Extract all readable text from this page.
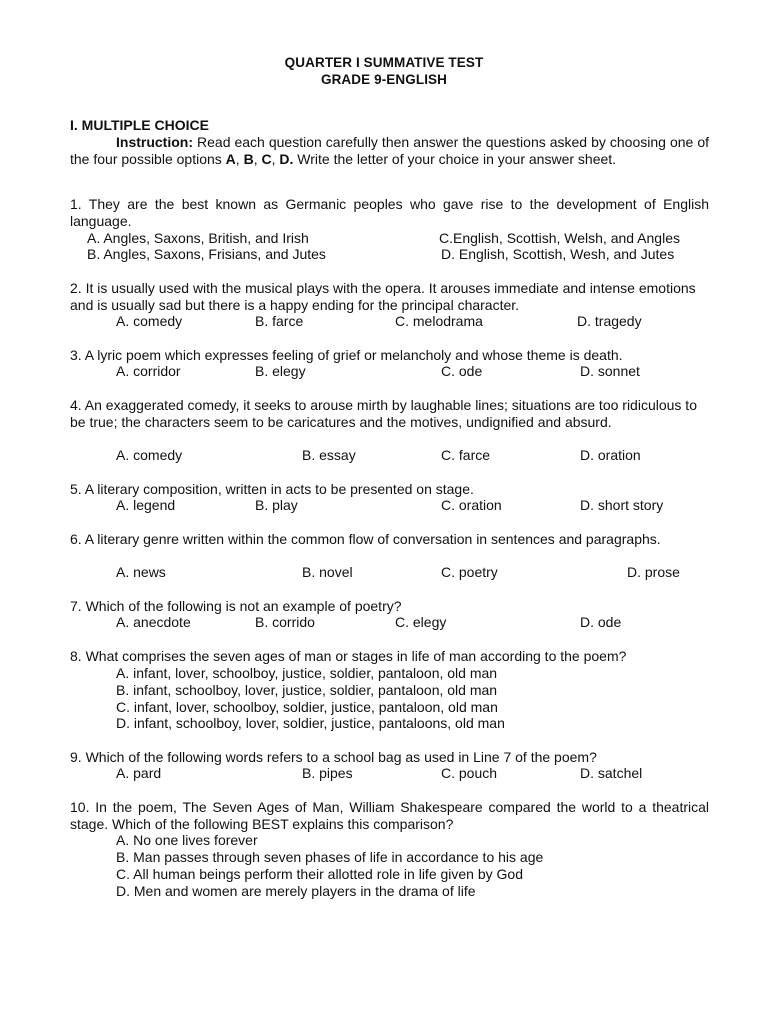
QUARTER I SUMMATIVE TEST
GRADE 9-ENGLISH
I. MULTIPLE CHOICE
Instruction: Read each question carefully then answer the questions asked by choosing one of the four possible options A, B, C, D. Write the letter of your choice in your answer sheet.
1. They are the best known as Germanic peoples who gave rise to the development of English language.
A. Angles, Saxons, British, and Irish	C.English, Scottish, Welsh, and Angles
B. Angles, Saxons, Frisians, and Jutes	D. English, Scottish, Wesh, and Jutes
2. It is usually used with the musical plays with the opera. It arouses immediate and intense emotions and is usually sad but there is a happy ending for the principal character.
A. comedy	B. farce	C. melodrama	D. tragedy
3. A lyric poem which expresses feeling of grief or melancholy and whose theme is death.
A. corridor	B. elegy	C. ode	D. sonnet
4. An exaggerated comedy, it seeks to arouse mirth by laughable lines; situations are too ridiculous to be true; the characters seem to be caricatures and the motives, undignified and absurd.
A. comedy	B. essay	C. farce	D. oration
5. A literary composition, written in acts to be presented on stage.
A. legend	B. play	C. oration	D. short story
6. A literary genre written within the common flow of conversation in sentences and paragraphs.
A. news	B. novel	C. poetry	D. prose
7. Which of the following is not an example of poetry?
A. anecdote	B. corrido	C. elegy	D. ode
8. What comprises the seven ages of man or stages in life of man according to the poem?
A. infant, lover, schoolboy, justice, soldier, pantaloon, old man
B. infant, schoolboy, lover, justice, soldier, pantaloon, old man
C. infant, lover, schoolboy, soldier, justice, pantaloon, old man
D. infant, schoolboy, lover, soldier, justice, pantaloons, old man
9. Which of the following words refers to a school bag as used in Line 7 of the poem?
A. pard	B. pipes	C. pouch	D. satchel
10. In the poem, The Seven Ages of Man, William Shakespeare compared the world to a theatrical stage. Which of the following BEST explains this comparison?
A. No one lives forever
B. Man passes through seven phases of life in accordance to his age
C. All human beings perform their allotted role in life given by God
D. Men and women are merely players in the drama of life
